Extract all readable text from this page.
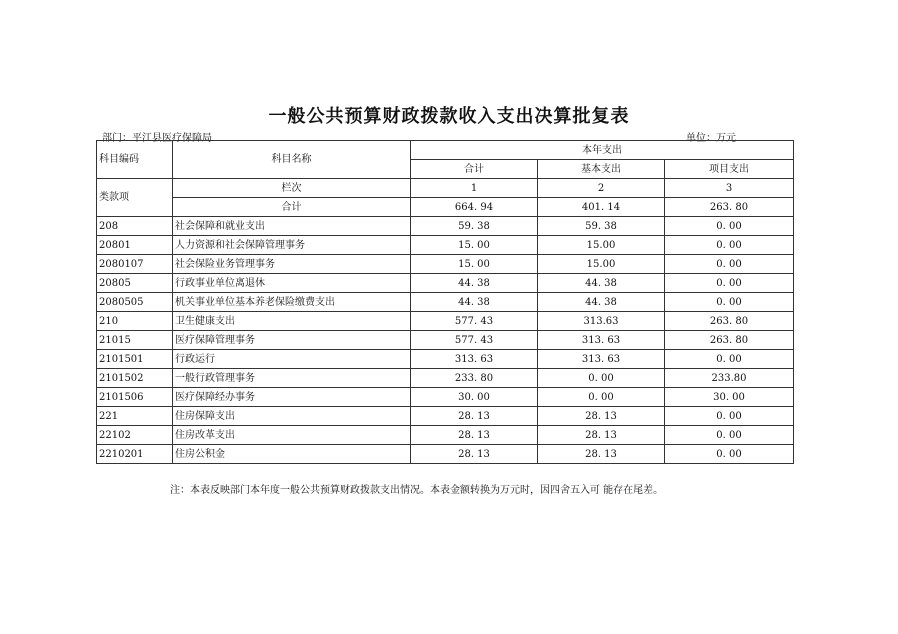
一般公共预算财政拨款收入支出决算批复表
部门：平江县医疗保障局	单位：万元
科目编码	科目名称	本年支出		
		合计	基本支出	项目支出
类款项	栏次	1	2	3
	合计	664. 94	401. 14	263. 80
208	社会保障和就业支出	59. 38	59. 38	0. 00
20801	人力资源和社会保障管理事务	15. 00	15.00	0. 00
2080107	社会保险业务管理事务	15. 00	15.00	0. 00
20805	行政事业单位离退休	44. 38	44. 38	0. 00
2080505	机关事业单位基本养老保险缴费支出	44. 38	44. 38	0. 00
210	卫生健康支出	577. 43	313.63	263. 80
21015	医疗保障管理事务	577. 43	313. 63	263. 80
2101501	行政运行	313. 63	313. 63	0. 00
2101502	一般行政管理事务	233. 80	0. 00	233.80
2101506	医疗保障经办事务	30. 00	0. 00	30. 00
221	住房保障支出	28. 13	28. 13	0. 00
22102	住房改革支出	28. 13	28. 13	0. 00
2210201	住房公积金	28. 13	28. 13	0. 00
注：本表反映部门本年度一般公共预算财政拨款支出情况。本表金额转换为万元时，因四舍五入可 能存在尾差。
